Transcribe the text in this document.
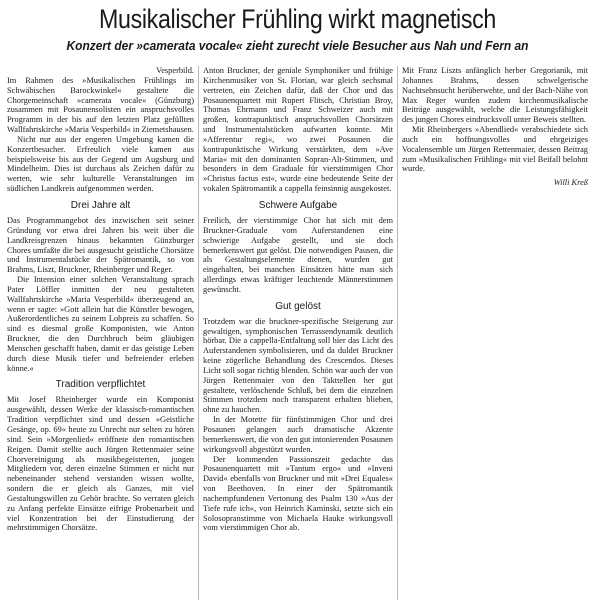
Musikalischer Frühling wirkt magnetisch
Konzert der »camerata vocale« zieht zurecht viele Besucher aus Nah und Fern an

Vesperbild.

Im Rahmen des »Musikalischen Frühlings im Schwäbischen Barockwinkel« gestaltete die Chorgemeinschaft »camerata vocale« (Günzburg) zusammen mit Posaunensolisten ein anspruchsvolles Programm in der bis auf den letzten Platz gefüllten Wallfahrtskirche »Maria Vesperbild« in Ziemetshausen.

Nicht nur aus der engeren Umgebung kamen die Konzertbesucher. Erfreulich viele kamen aus beispielsweise bis aus der Gegend um Augsburg und Mindelheim. Dies ist durchaus als Zeichen dafür zu werten, wie sehr kulturelle Veranstaltungen im südlichen Landkreis aufgenommen werden.

Drei Jahre alt

Das Programmangebot des inzwischen seit seiner Gründung vor etwa drei Jahren bis weit über die Landkreisgrenzen hinaus bekannten Günzburger Chores umfaßte die bei ausgesucht geistliche Chorsätze und Instrumentalstücke der Spätromantik, so von Brahms, Liszt, Bruckner, Rheinberger und Reger.

Die Intension einer solchen Veranstaltung sprach Pater Löffler inmitten der neu gestalteten Wallfahrtskirche »Maria Vesperbild« überzeugend an, wenn er sagte: »Gott allein hat die Künstler bewogen, Außerordentliches zu seinem Lobpreis zu schaffen. So sind es diesmal große Komponisten, wie Anton Bruckner, die den Durchbruch beim gläubigen Menschen geschafft haben, damit er das geistige Leben durch diese Musik tiefer und befreiender erleben könne.«

Tradition verpflichtet

Mit Josef Rheinberger wurde ein Komponist ausgewählt, dessen Werke der klassisch-romantischen Tradition verpflichtet sind und dessen »Geistliche Gesänge, op. 69« heute zu Unrecht nur selten zu hören sind. Sein »Morgenlied« eröffnete den romantischen Reigen. Damit stellte auch Jürgen Rettenmaier seine Chorvereinigung als musikbegeisterten, jungen Mitgliedern vor, deren einzelne Stimmen er nicht nur nebeneinander stehend verstanden wissen wollte, sondern die er gleich als Ganzes, mit viel Gestaltungswillen zu Gehör brachte. So verraten gleich zu Anfang perfekte Einsätze eifrige Probenarbeit und viel Konzentration bei der Einstudierung der mehrstimmigen Chorsätze.

Anton Bruckner, der geniale Symphoniker und frühige Kirchenmusiker von St. Florian, war gleich sechsmal vertreten, ein Zeichen dafür, daß der Chor und das Posaunenquartett mit Rupert Flitsch, Christian Broy, Thomas Ehrmann und Franz Schweizer auch mit großen, kontrapunktisch anspruchsvollen Chorsätzen und Instrumentalstücken aufwarten konnte. Mit »Afferentur regi«, wo zwei Posaunen die kontrapunktische Wirkung verstärkten, dem »Ave Maria« mit den dominanten Sopran-Alt-Stimmen, und besonders in dem Graduale für vierstimmigen Chor »Christus factus est«, wurde eine bedeutende Seite der vokalen Spätromantik a cappella feinsinnig ausgekostet.

Schwere Aufgabe

Freilich, der vierstimmige Chor hat sich mit dem Bruckner-Graduale vom Auferstandenen eine schwierige Aufgabe gestellt, und sie doch bemerkenswert gut gelöst. Die notwendigen Pausen, die als Gestaltungselemente dienen, wurden gut eingehalten, bei manchen Einsätzen hätte man sich allerdings etwas kräftiger leuchtende Männerstimmen gewünscht.

Gut gelöst

Trotzdem war die bruckner-spezifische Steigerung zur gewaltigen, symphonischen Terrassendynamik deutlich hörbar. Die a cappella-Entfaltung soll hier das Licht des Auferstandenen symbolisieren, und da duldet Bruckner keine zögerliche Behandlung des Crescendos. Dieses Licht soll sogar richtig blenden. Schön war auch der von Jürgen Rettenmaier von den Takttellen her gut gestaltete, verlöschende Schluß, bei dem die einzelnen Stimmen trotzdem noch transparent erhalten blieben, ohne zu hauchen.

In der Motette für fünfstimmigen Chor und drei Posaunen gelangen auch dramatische Akzente bemerkenswert, die von den gut intonierenden Posaunen wirkungsvoll abgestützt wurden.

Der kommenden Passionszeit gedachte das Posaunenquartett mit »Tantum ergo« und »Inveni David« ebenfalls von Bruckner und mit »Drei Equales« von Beethoven. In einer der Spätromantik nachempfundenen Vertonung des Psalm 130 »Aus der Tiefe rufe ich«, von Heinrich Kaminski, setzte sich ein Solosopranstimme von Michaela Hauke wirkungsvoll vom vierstimmigen Chor ab.

Mit Franz Liszts anfänglich herber Gregorianik, mit Johannes Brahms, dessen schwelgerische Nachtsehnsucht herüberwehte, und der Bach-Nähe von Max Reger wurden zudem kirchenmusikalische Beiträge ausgewählt, welche die Leistungsfähigkeit des jungen Chores eindrucksvoll unter Beweis stellten.

Mit Rheinbergers »Abendlied« verabschiedete sich auch ein hoffnungsvolles und ehrgeiziges Vocalensemble um Jürgen Rettenmaier, dessen Beitrag zum »Musikalischen Frühling« mit viel Beifall belohnt wurde.

Willi Kreß
